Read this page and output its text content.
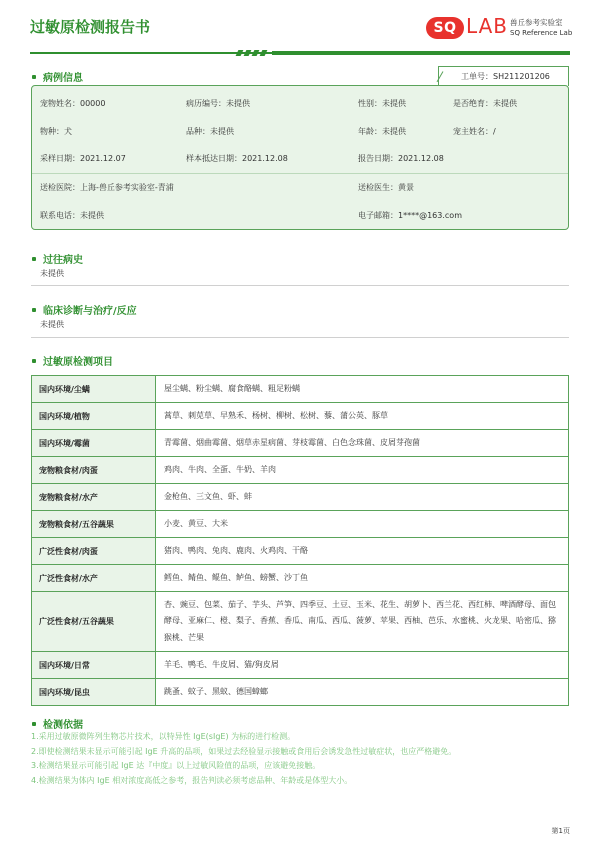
过敏原检测报告书	SQ LAB 兽丘参考实验室
SQ Reference Lab
病例信息	工单号：SH211201206
宠物姓名：00000	病历编号：未提供	性别：未提供	是否绝育：未提供
物种：犬	品种：未提供	年龄：未提供	宠主姓名：/
采样日期：2021.12.07	样本抵达日期：2021.12.08	报告日期：2021.12.08
送检医院：上海-兽丘参考实验室-青浦	送检医生：黄景
联系电话：未提供	电子邮箱：1****@163.com
过往病史
未提供
临床诊断与治疗/反应
未提供
过敏原检测项目
国内环境/尘螨	屋尘螨、粉尘螨、腐食酪螨、粗足粉螨
国内环境/植物	蒿草、刺苋草、早熟禾、杨树、柳树、松树、藜、蒲公英、豚草
国内环境/霉菌	青霉菌、烟曲霉菌、烟草赤星病菌、芽枝霉菌、白色念珠菌、皮屑芽孢菌
宠物粮食材/肉蛋	鸡肉、牛肉、全蛋、牛奶、羊肉
宠物粮食材/水产	金枪鱼、三文鱼、虾、蚌
宠物粮食材/五谷蔬果	小麦、黄豆、大米
广泛性食材/肉蛋	猪肉、鸭肉、兔肉、鹿肉、火鸡肉、干酪
广泛性食材/水产	鳕鱼、鲭鱼、鲲鱼、鲈鱼、螃蟹、沙丁鱼
广泛性食材/五谷蔬果	杏、豌豆、包菜、茄子、芋头、芦笋、四季豆、土豆、玉米、花生、胡萝卜、西兰花、西红柿、啤酒酵母、面包酵母、亚麻仁、橙、梨子、香蕉、香瓜、南瓜、西瓜、菠萝、苹果、西柚、芭乐、水蜜桃、火龙果、哈密瓜、猕猴桃、芒果
国内环境/日常	羊毛、鸭毛、牛皮屑、猫/狗皮屑
国内环境/昆虫	跳蚤、蚊子、黑蚁、德国蟑螂
检测依据

1.采用过敏原微阵列生物芯片技术，以特异性 IgE(sIgE) 为标的进行检测。

2.即使检测结果未显示可能引起 IgE 升高的品项，如果过去经验显示接触或食用后会诱发急性过敏症状，也应严格避免。

3.检测结果显示可能引起 IgE 达『中度』以上过敏风险值的品项，应该避免接触。

4.检测结果为体内 IgE 相对浓度高低之参考，报告判读必须考虑品种、年龄或是体型大小。

第1页
